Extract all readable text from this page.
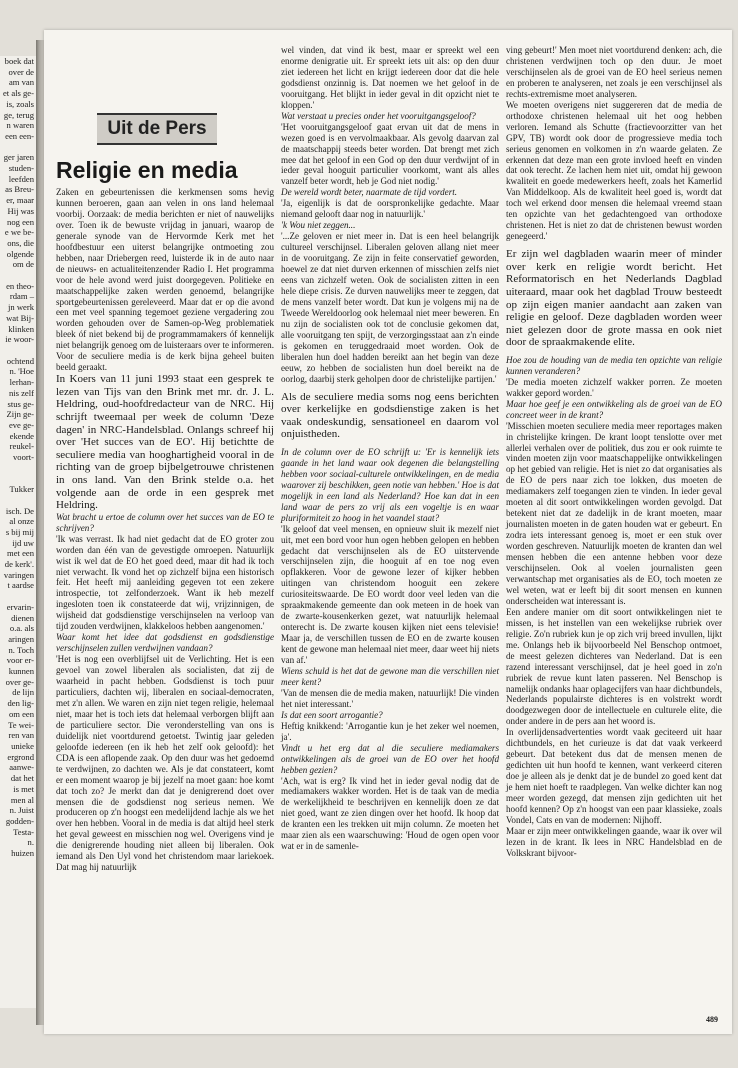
boek dat
over de
am van
et als ge-
is, zoals
ge, terug
n waren
een een-

ger jaren
studen-
leefden
as Breu-
er, maar
Hij was
nog een
e we be-
ons, die
olgende
om de

en theo-
rdam –
jn werk
wat Bij-
klinken
ie woor-

ochtend
n. 'Hoe
lerhan-
nis zelf
stus ge-
Zijn ge-
eve ge-
ekende
reukel-
voort-

Tukker

isch. De
al onze
s bij mij
ijd uw
met een
de kerk'.
varingen
t aardse

ervarin-
dienen
o.a. als
aringen
n. Toch
voor er-
kunnen
over ge-
de lijn
den lig-
om een
Te wei-
ren van
unieke
ergrond
aanwe-
dat het
is met
men al
n. Juist
godden-
Testa-
n.
huizen
Uit de Pers
Religie en media

Zaken en gebeurtenissen die kerkmensen soms hevig kunnen beroeren, gaan aan velen in ons land helemaal voorbij. Oorzaak: de media berichten er niet of nauwelijks over. Toen ik de bewuste vrijdag in januari, waarop de generale synode van de Hervormde Kerk met het hoofdbestuur een uiterst belangrijke ontmoeting zou hebben, naar Driebergen reed, luisterde ik in de auto naar de nieuws- en actualiteitenzender Radio I. Het programma voor de hele avond werd juist doorgegeven. Politieke en maatschappelijke zaken werden genoemd, belangrijke sportgebeurtenissen gereleveerd. Maar dat er op die avond een met veel spanning tegemoet geziene vergadering zou worden gehouden over de Samen-op-Weg problematiek bleek óf niet bekend bij de programmamakers óf kennelijk niet belangrijk genoeg om de luisteraars over te informeren. Voor de seculiere media is de kerk bijna geheel buiten beeld geraakt.

In Koers van 11 juni 1993 staat een gesprek te lezen van Tijs van den Brink met mr. dr. J. L. Heldring, oud-hoofdredacteur van de NRC. Hij schrijft tweemaal per week de column 'Deze dagen' in NRC-Handelsblad. Onlangs schreef hij over 'Het succes van de EO'. Hij betichtte de seculiere media van hooghartigheid vooral in de richting van de groep bijbelgetrouwe christenen in ons land. Van den Brink stelde o.a. het volgende aan de orde in een gesprek met Heldring.

Wat bracht u ertoe de column over het succes van de EO te schrijven?

'Ik was verrast. Ik had niet gedacht dat de EO groter zou worden dan één van de gevestigde omroepen. Natuurlijk wist ik wel dat de EO het goed deed, maar dit had ik toch niet verwacht. Ik vond het op zichzelf bijna een historisch feit. Het heeft mij aanleiding gegeven tot een zekere introspectie, tot zelfonderzoek. Want ik heb mezelf ingesloten toen ik constateerde dat wij, vrijzinnigen, de wijsheid dat godsdienstige verschijnselen na verloop van tijd zouden verdwijnen, klakkeloos hebben aangenomen.'

Waar komt het idee dat godsdienst en godsdienstige verschijnselen zullen verdwijnen vandaan?

'Het is nog een overblijfsel uit de Verlichting. Het is een gevoel van zowel liberalen als socialisten, dat zij de waarheid in pacht hebben. Godsdienst is toch puur particuliers, dachten wij, liberalen en sociaal-democraten, met z'n allen. We waren en zijn niet tegen religie, helemaal niet, maar het is toch iets dat helemaal verborgen blijft aan de particuliere sector. Die veronderstelling van ons is duidelijk niet voortdurend getoetst. Twintig jaar geleden geloofde iedereen (en ik heb het zelf ook geloofd): het CDA is een aflopende zaak. Op den duur was het gedoemd te verdwijnen, zo dachten we. Als je dat constateert, komt er een moment waarop je bij jezelf na moet gaan: hoe komt dat toch zo? Je merkt dan dat je denigrerend doet over mensen die de godsdienst nog serieus nemen. We produceren op z'n hoogst een medelijdend lachje als we het over hen hebben. Vooral in de media is dat altijd heel sterk het geval geweest en misschien nog wel. Overigens vind je die denigrerende houding niet alleen bij liberalen. Ook iemand als Den Uyl vond het christendom maar lariekoek. Dat mag hij natuurlijk

wel vinden, dat vind ik best, maar er spreekt wel een enorme denigratie uit. Er spreekt iets uit als: op den duur ziet iedereen het licht en krijgt iedereen door dat die hele godsdienst onzinnig is. Dat noemen we het geloof in de vooruitgang. Het blijkt in ieder geval in dit opzicht niet te kloppen.'

Wat verstaat u precies onder het vooruitgangsgeloof?

'Het vooruitgangsgeloof gaat ervan uit dat de mens in wezen goed is en vervolmaakbaar. Als gevolg daarvan zal de maatschappij steeds beter worden. Dat brengt met zich mee dat het geloof in een God op den duur verdwijnt of in ieder geval hooguit particulier voorkomt, want als alles vanzelf beter wordt, heb je God niet nodig.'

De wereld wordt beter, naarmate de tijd vordert.

'Ja, eigenlijk is dat de oorspronkelijke gedachte. Maar niemand gelooft daar nog in natuurlijk.'

'k Wou niet zeggen...

'...Ze geloven er niet meer in. Dat is een heel belangrijk cultureel verschijnsel. Liberalen geloven allang niet meer in de vooruitgang. Ze zijn in feite conservatief geworden, hoewel ze dat niet durven erkennen of misschien zelfs niet eens van zichzelf weten. Ook de socialisten zitten in een hele diepe crisis. Ze durven nauwelijks meer te zeggen, dat de mens vanzelf beter wordt. Dat kun je volgens mij na de Tweede Wereldoorlog ook helemaal niet meer beweren. En nu zijn de socialisten ook tot de conclusie gekomen dat, alle vooruitgang ten spijt, de verzorgingsstaat aan z'n einde is gekomen en teruggedraaid moet worden. Ook de liberalen hun doel hadden bereikt aan het begin van deze eeuw, zo hebben de socialisten hun doel bereikt na de oorlog, daarbij sterk geholpen door de christelijke partijen.'

Als de seculiere media soms nog eens berichten over kerkelijke en godsdienstige zaken is het vaak ondeskundig, sensationeel en daarom vol onjuistheden.

In de column over de EO schrijft u: 'Er is kennelijk iets gaande in het land waar ook degenen die belangstelling hebben voor sociaal-culturele ontwikkelingen, en de media waarover zij beschikken, geen notie van hebben.' Hoe is dat mogelijk in een land als Nederland? Hoe kan dat in een land waar de pers zo vrij als een vogeltje is en waar pluriformiteit zo hoog in het vaandel staat?

'Ik geloof dat veel mensen, en opnieuw sluit ik mezelf niet uit, met een bord voor hun ogen hebben gelopen en hebben gedacht dat verschijnselen als de EO uitstervende verschijnselen zijn, die hooguit af en toe nog even opflakkeren. Voor de gewone lezer of kijker hebben uitingen van christendom hooguit een zekere curiositeitswaarde. De EO wordt door veel leden van die spraakmakende gemeente dan ook meteen in de hoek van de zwarte-kousenkerken gezet, wat natuurlijk helemaal onterecht is. De zwarte kousen kijken niet eens televisie! Maar ja, de verschillen tussen de EO en de zwarte kousen kent de gewone man helemaal niet meer, daar weet hij niets van af.'

Wiens schuld is het dat de gewone man die verschillen niet meer kent?

'Van de mensen die de media maken, natuurlijk! Die vinden het niet interessant.'

Is dat een soort arrogantie?

Heftig knikkend: 'Arrogantie kun je het zeker wel noemen, ja'.

Vindt u het erg dat al die seculiere mediamakers ontwikkelingen als de groei van de EO over het hoofd hebben gezien?

'Ach, wat is erg? Ik vind het in ieder geval nodig dat de mediamakers wakker worden. Het is de taak van de media de werkelijkheid te beschrijven en kennelijk doen ze dat niet goed, want ze zien dingen over het hoofd. Ik hoop dat de kranten een les trekken uit mijn column. Ze moeten het maar zien als een waarschuwing: 'Houd de ogen open voor wat er in de samenle-

ving gebeurt!' Men moet niet voortdurend denken: ach, die christenen verdwijnen toch op den duur. Je moet verschijnselen als de groei van de EO heel serieus nemen en proberen te analyseren, net zoals je een verschijnsel als rechts-extremisme moet analyseren.

We moeten overigens niet suggereren dat de media de orthodoxe christenen helemaal uit het oog hebben verloren. Iemand als Schutte (fractievoorzitter van het GPV, TB) wordt ook door de progressieve media toch serieus genomen en volkomen in z'n waarde gelaten. Ze erkennen dat deze man een grote invloed heeft en vinden dat ook terecht. Ze lachen hem niet uit, omdat hij gewoon kwaliteit en goede medewerkers heeft, zoals het Kamerlid Van Middelkoop. Als de kwaliteit heel goed is, wordt dat toch wel erkend door mensen die helemaal vreemd staan ten opzichte van het gedachtengoed van orthodoxe christenen. Het is niet zo dat de christenen bewust worden genegeerd.'

Er zijn wel dagbladen waarin meer of minder over kerk en religie wordt bericht. Het Reformatorisch en het Nederlands Dagblad uiteraard, maar ook het dagblad Trouw besteedt op zijn eigen manier aandacht aan zaken van religie en geloof. Deze dagbladen worden weer niet gelezen door de grote massa en ook niet door de spraakmakende elite.

Hoe zou de houding van de media ten opzichte van religie kunnen veranderen?

'De media moeten zichzelf wakker porren. Ze moeten wakker gepord worden.'

Maar hoe geef je een ontwikkeling als de groei van de EO concreet weer in de krant?

'Misschien moeten seculiere media meer reportages maken in christelijke kringen. De krant loopt tenslotte over met allerlei verhalen over de politiek, dus zou er ook ruimte te vinden moeten zijn voor maatschappelijke ontwikkelingen op het gebied van religie. Het is niet zo dat organisaties als de EO de pers naar zich toe lokken, dus moeten de mediamakers zelf toegangen zien te vinden. In ieder geval moeten al dit soort ontwikkelingen worden gevolgd. Dat betekent niet dat ze dadelijk in de krant moeten, maar journalisten moeten in de gaten houden wat er gebeurt. En zodra iets interessant genoeg is, moet er een stuk over worden geschreven. Natuurlijk moeten de kranten dan wel mensen hebben die een antenne hebben voor deze verschijnselen. Ook al voelen journalisten geen verwantschap met organisaties als de EO, toch moeten ze wel weten, wat er leeft bij dit soort mensen en kunnen onderscheiden wat interessant is.

Een andere manier om dit soort ontwikkelingen niet te missen, is het instellen van een wekelijkse rubriek over religie. Zo'n rubriek kun je op zich vrij breed invullen, lijkt me. Onlangs heb ik bijvoorbeeld Nel Benschop ontmoet, de meest gelezen dichteres van Nederland. Dat is een razend interessant verschijnsel, dat je heel goed in zo'n rubriek de revue kunt laten passeren. Nel Benschop is namelijk ondanks haar oplagecijfers van haar dichtbundels, Nederlands populairste dichteres is en volstrekt wordt doodgezwegen door de intellectuele en culturele elite, die onder andere in de pers aan het woord is.

In overlijdensadvertenties wordt vaak geciteerd uit haar dichtbundels, en het curieuze is dat dat vaak verkeerd gebeurt. Dat betekent dus dat de mensen menen de gedichten uit hun hoofd te kennen, want verkeerd citeren doe je alleen als je denkt dat je de bundel zo goed kent dat je hem niet hoeft te raadplegen. Van welke dichter kan nog meer worden gezegd, dat mensen zijn gedichten uit het hoofd kennen? Op z'n hoogst van een paar klassieke, zoals Vondel, Cats en van de modernen: Nijhoff.

Maar er zijn meer ontwikkelingen gaande, waar ik over wil lezen in de krant. Ik lees in NRC Handelsblad en de Volkskrant bijvoor-

489
